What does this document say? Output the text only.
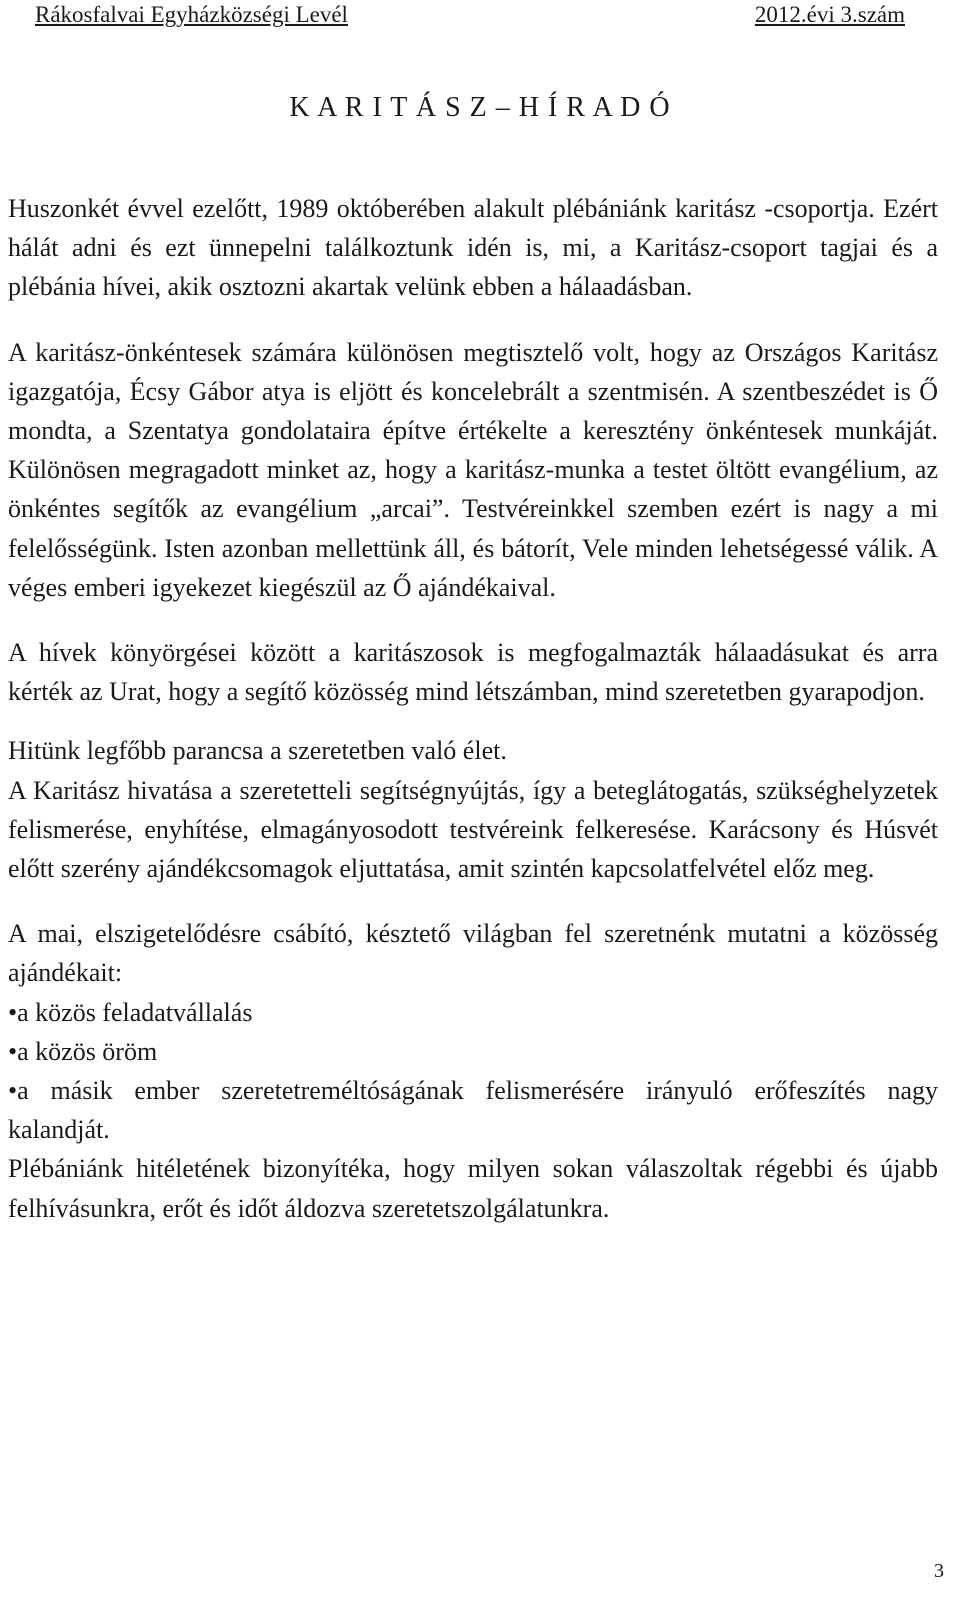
Rákosfalvai Egyházközségi Levél	2012.évi 3.szám
K A R I T Á S Z – H Í R A D Ó

Huszonkét évvel ezelőtt, 1989 októberében alakult plébániánk karitász -csoportja. Ezért hálát adni és ezt ünnepelni találkoztunk idén is, mi, a Karitász-csoport tagjai és a plébánia hívei, akik osztozni akartak velünk ebben a hálaadásban.

A karitász-önkéntesek számára különösen megtisztelő volt, hogy az Országos Karitász igazgatója, Écsy Gábor atya is eljött és koncelebrált a szentmisén. A szentbeszédet is Ő mondta, a Szentatya gondolataira építve értékelte a keresztény önkéntesek munkáját. Különösen megragadott minket az, hogy a karitász-munka a testet öltött evangélium, az önkéntes segítők az evangélium „arcai”. Testvéreinkkel szemben ezért is nagy a mi felelősségünk. Isten azonban mellettünk áll, és bátorít, Vele minden lehetségessé válik. A véges emberi igyekezet kiegészül az Ő ajándékaival.

A hívek könyörgései között a karitászosok is megfogalmazták hálaadásukat és arra kérték az Urat, hogy a segítő közösség mind létszámban, mind szeretetben gyarapodjon.

Hitünk legfőbb parancsa a szeretetben való élet.

A Karitász hivatása a szeretetteli segítségnyújtás, így a beteglátogatás, szükséghelyzetek felismerése, enyhítése, elmagányosodott testvéreink felkeresése. Karácsony és Húsvét előtt szerény ajándékcsomagok eljuttatása, amit szintén kapcsolatfelvétel előz meg.

A mai, elszigetelődésre csábító, késztető világban fel szeretnénk mutatni a közösség ajándékait:

•a közös feladatvállalás

•a közös öröm

•a másik ember szeretetreméltóságának felismerésére irányuló erőfeszítés nagy kalandját.

Plébániánk hitéletének bizonyítéka, hogy milyen sokan válaszoltak régebbi és újabb felhívásunkra, erőt és időt áldozva szeretetszolgálatunkra.

3
